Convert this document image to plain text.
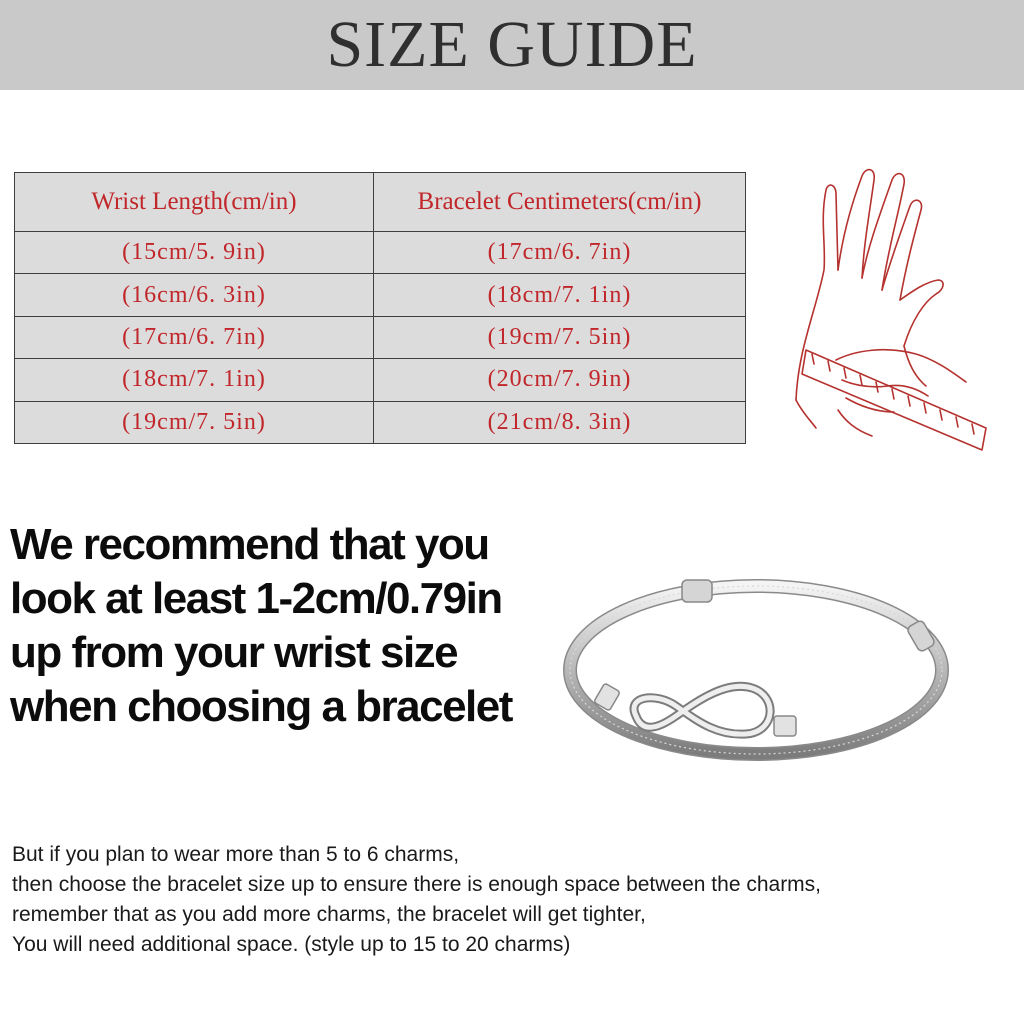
SIZE GUIDE
Wrist Length(cm/in)	Bracelet Centimeters(cm/in)
(15cm/5. 9in)	(17cm/6. 7in)
(16cm/6. 3in)	(18cm/7. 1in)
(17cm/6. 7in)	(19cm/7. 5in)
(18cm/7. 1in)	(20cm/7. 9in)
(19cm/7. 5in)	(21cm/8. 3in)
We recommend that you
look at least 1-2cm/0.79in
up from your wrist size
when choosing a bracelet
But if you plan to wear more than 5 to 6 charms,
then choose the bracelet size up to ensure there is enough space between the charms,
remember that as you add more charms, the bracelet will get tighter,
You will need additional space. (style up to 15 to 20 charms)
